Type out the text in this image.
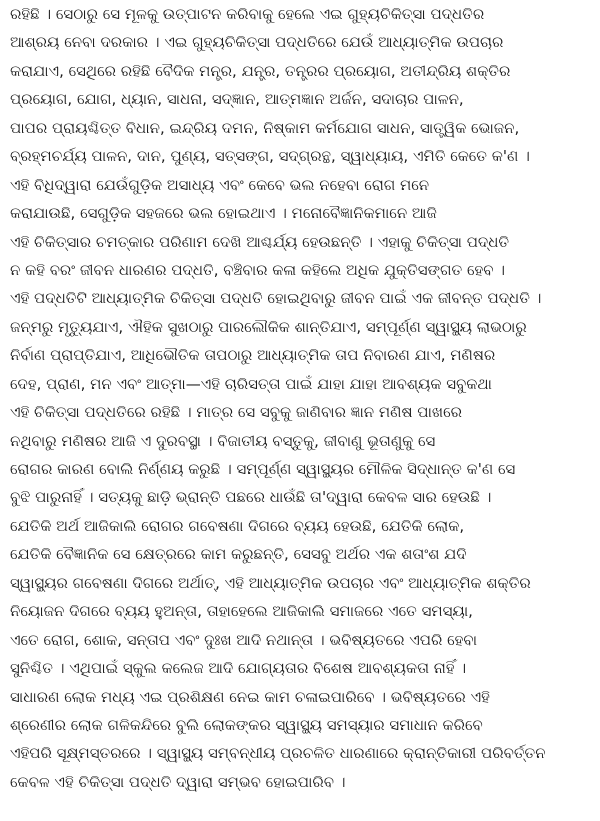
ରହିଛି । ସେଠାରୁ ସେ ମୂଳକୁ ଉତ୍ପାଟନ କରିବାକୁ ହେଲେ ଏଇ ଗୁହ୍ୟଚିକିତ୍ସା ପଦ୍ଧତିର
ଆଶ୍ରୟ ନେବା ଦରକାର । ଏଇ ଗୁହ୍ୟଚିକିତ୍ସା ପଦ୍ଧତିରେ ଯେଉଁ ଆଧ୍ୟାତ୍ମିକ ଉପଚାର
କରାଯାଏ, ସେଥିରେ ରହିଛି ବୈଦିକ ମନ୍ତ୍ର, ଯନ୍ତ୍ର, ତନ୍ତ୍ରର ପ୍ରୟୋଗ, ଅତୀନ୍ଦ୍ରିୟ ଶକ୍ତିର
ପ୍ରୟୋଗ, ଯୋଗ, ଧ୍ୟାନ, ସାଧନା, ସଦ୍‌ଜ୍ଞାନ, ଆତ୍ମଜ୍ଞାନ ଅର୍ଜନ, ସଦାଚାର ପାଳନ,
ପାପର ପ୍ରାୟଶ୍ଚିତ୍ତ ବିଧାନ, ଇନ୍ଦ୍ରିୟ ଦମନ, ନିଷ୍କାମ କର୍ମଯୋଗ ସାଧନ, ସାତ୍ତ୍ୱିକ ଭୋଜନ,
ବ୍ରହ୍ମଚର୍ଯ୍ୟ ପାଳନ, ଦାନ, ପୁଣ୍ୟ, ସତ୍‌ସଙ୍ଗ, ସଦ୍‌ଗ୍ରନ୍ଥ, ସ୍ୱାଧ୍ୟାୟ, ଏମିତି କେତେ କ'ଣ ।
ଏହି ବିଧିଦ୍ୱାରା ଯେଉଁଗୁଡ଼ିକ ଅସାଧ୍ୟ ଏବଂ କେବେ ଭଲ ନହେବା ରୋଗ ମନେ
କରାଯାଉଛି, ସେଗୁଡ଼ିକ ସହଜରେ ଭଲ ହୋଇଥାଏ । ମନୋବୈଜ୍ଞାନିକମାନେ ଆଜି
ଏହି ଚିକିତ୍ସାର ଚମତ୍କାର ପରିଣାମ ଦେଖି ଆଶ୍ଚର୍ଯ୍ୟ ହେଉଛନ୍ତି । ଏହାକୁ ଚିକିତ୍ସା ପଦ୍ଧତି
ନ କହି ବରଂ ଜୀବନ ଧାରଣର ପଦ୍ଧତି, ବଞ୍ଚିବାର କଳା କହିଲେ ଅଧିକ ଯୁକ୍ତିସଙ୍ଗତ ହେବ ।
ଏହି ପଦ୍ଧତିଟି ଆଧ୍ୟାତ୍ମିକ ଚିକିତ୍ସା ପଦ୍ଧତି ହୋଇଥିବାରୁ ଜୀବନ ପାଇଁ ଏକ ଜୀବନ୍ତ ପଦ୍ଧତି ।
ଜନ୍ମରୁ ମୃତ୍ୟୁଯାଏ, ଐହିକ ସୁଖଠାରୁ ପାରଲୌକିକ ଶାନ୍ତିଯାଏ, ସମ୍ପୂର୍ଣ୍ଣ ସ୍ୱାସ୍ଥ୍ୟ ଲାଭଠାରୁ
ନିର୍ବାଣ ପ୍ରାପ୍ତିଯାଏ, ଆଧିଭୌତିକ ତାପଠାରୁ ଆଧ୍ୟାତ୍ମିକ ତାପ ନିବାରଣ ଯାଏ, ମଣିଷର
ଦେହ, ପ୍ରାଣ, ମନ ଏବଂ ଆତ୍ମା—ଏହି ଚାରିସତ୍ତା ପାଇଁ ଯାହା ଯାହା ଆବଶ୍ୟକ ସବୁକଥା
ଏହି ଚିକିତ୍ସା ପଦ୍ଧତିରେ ରହିଛି । ମାତ୍ର ସେ ସବୁକୁ ଜାଣିବାର ଜ୍ଞାନ ମଣିଷ ପାଖରେ
ନଥିବାରୁ ମଣିଷର ଆଜି ଏ ଦୁରବସ୍ଥା । ବିଜାତୀୟ ବସ୍ତୁକୁ, ଜୀବାଣୁ ଭୂତାଣୁକୁ ସେ
ରୋଗର କାରଣ ବୋଲି ନିର୍ଣ୍ଣୟ କରୁଛି । ସମ୍ପୂର୍ଣ୍ଣ ସ୍ୱାସ୍ଥ୍ୟର ମୌଳିକ ସିଦ୍ଧାନ୍ତ କ'ଣ ସେ
ବୁଝି ପାରୁନାହିଁ । ସତ୍ୟକୁ ଛାଡ଼ି ଭ୍ରାନ୍ତି ପଛରେ ଧାଉଁଛି ତା'ଦ୍ୱାରା କେବଳ ସାର ହେଉଛି ।
ଯେତିକି ଅର୍ଥ ଆଜିକାଲି ରୋଗର ଗବେଷଣା ଦିଗରେ ବ୍ୟୟ ହେଉଛି, ଯେତିକି ଲୋକ,
ଯେତିକି ବୈଜ୍ଞାନିକ ସେ କ୍ଷେତ୍ରରେ କାମ କରୁଛନ୍ତି, ସେସବୁ ଅର୍ଥର ଏକ ଶତାଂଶ ଯଦି
ସ୍ୱାସ୍ଥ୍ୟର ଗବେଷଣା ଦିଗରେ ଅର୍ଥାତ୍, ଏହି ଆଧ୍ୟାତ୍ମିକ ଉପଚାର ଏବଂ ଆଧ୍ୟାତ୍ମିକ ଶକ୍ତିର
ନିୟୋଜନ ଦିଗରେ ବ୍ୟୟ ହୁଅନ୍ତା, ତାହାହେଲେ ଆଜିକାଲି ସମାଜରେ ଏତେ ସମସ୍ୟା,
ଏତେ ରୋଗ, ଶୋକ, ସନ୍ତାପ ଏବଂ ଦୁଃଖ ଆଦି ନଥାନ୍ତା । ଭବିଷ୍ୟତରେ ଏପରି ହେବା
ସୁନିଶ୍ଚିତ । ଏଥିପାଇଁ ସ୍କୁଲ କଲେଜ ଆଦି ଯୋଗ୍ୟତାର ବିଶେଷ ଆବଶ୍ୟକତା ନାହିଁ ।
ସାଧାରଣ ଲୋକ ମଧ୍ୟ ଏଇ ପ୍ରଶିକ୍ଷଣ ନେଇ କାମ ଚଳାଇପାରିବେ । ଭବିଷ୍ୟତରେ ଏହି
ଶ୍ରେଣୀର ଲୋକ ଗଳିକନ୍ଦିରେ ବୁଲି ଲୋକଙ୍କର ସ୍ୱାସ୍ଥ୍ୟ ସମସ୍ୟାର ସମାଧାନ କରିବେ
ଏହିପରି ସୂକ୍ଷ୍ମସ୍ତରରେ । ସ୍ୱାସ୍ଥ୍ୟ ସମ୍ବନ୍ଧୀୟ ପ୍ରଚଳିତ ଧାରଣାରେ କ୍ରାନ୍ତିକାରୀ ପରିବର୍ତ୍ତନ
କେବଳ ଏହି ଚିକିତ୍ସା ପଦ୍ଧତି ଦ୍ୱାରା ସମ୍ଭବ ହୋଇପାରିବ ।
